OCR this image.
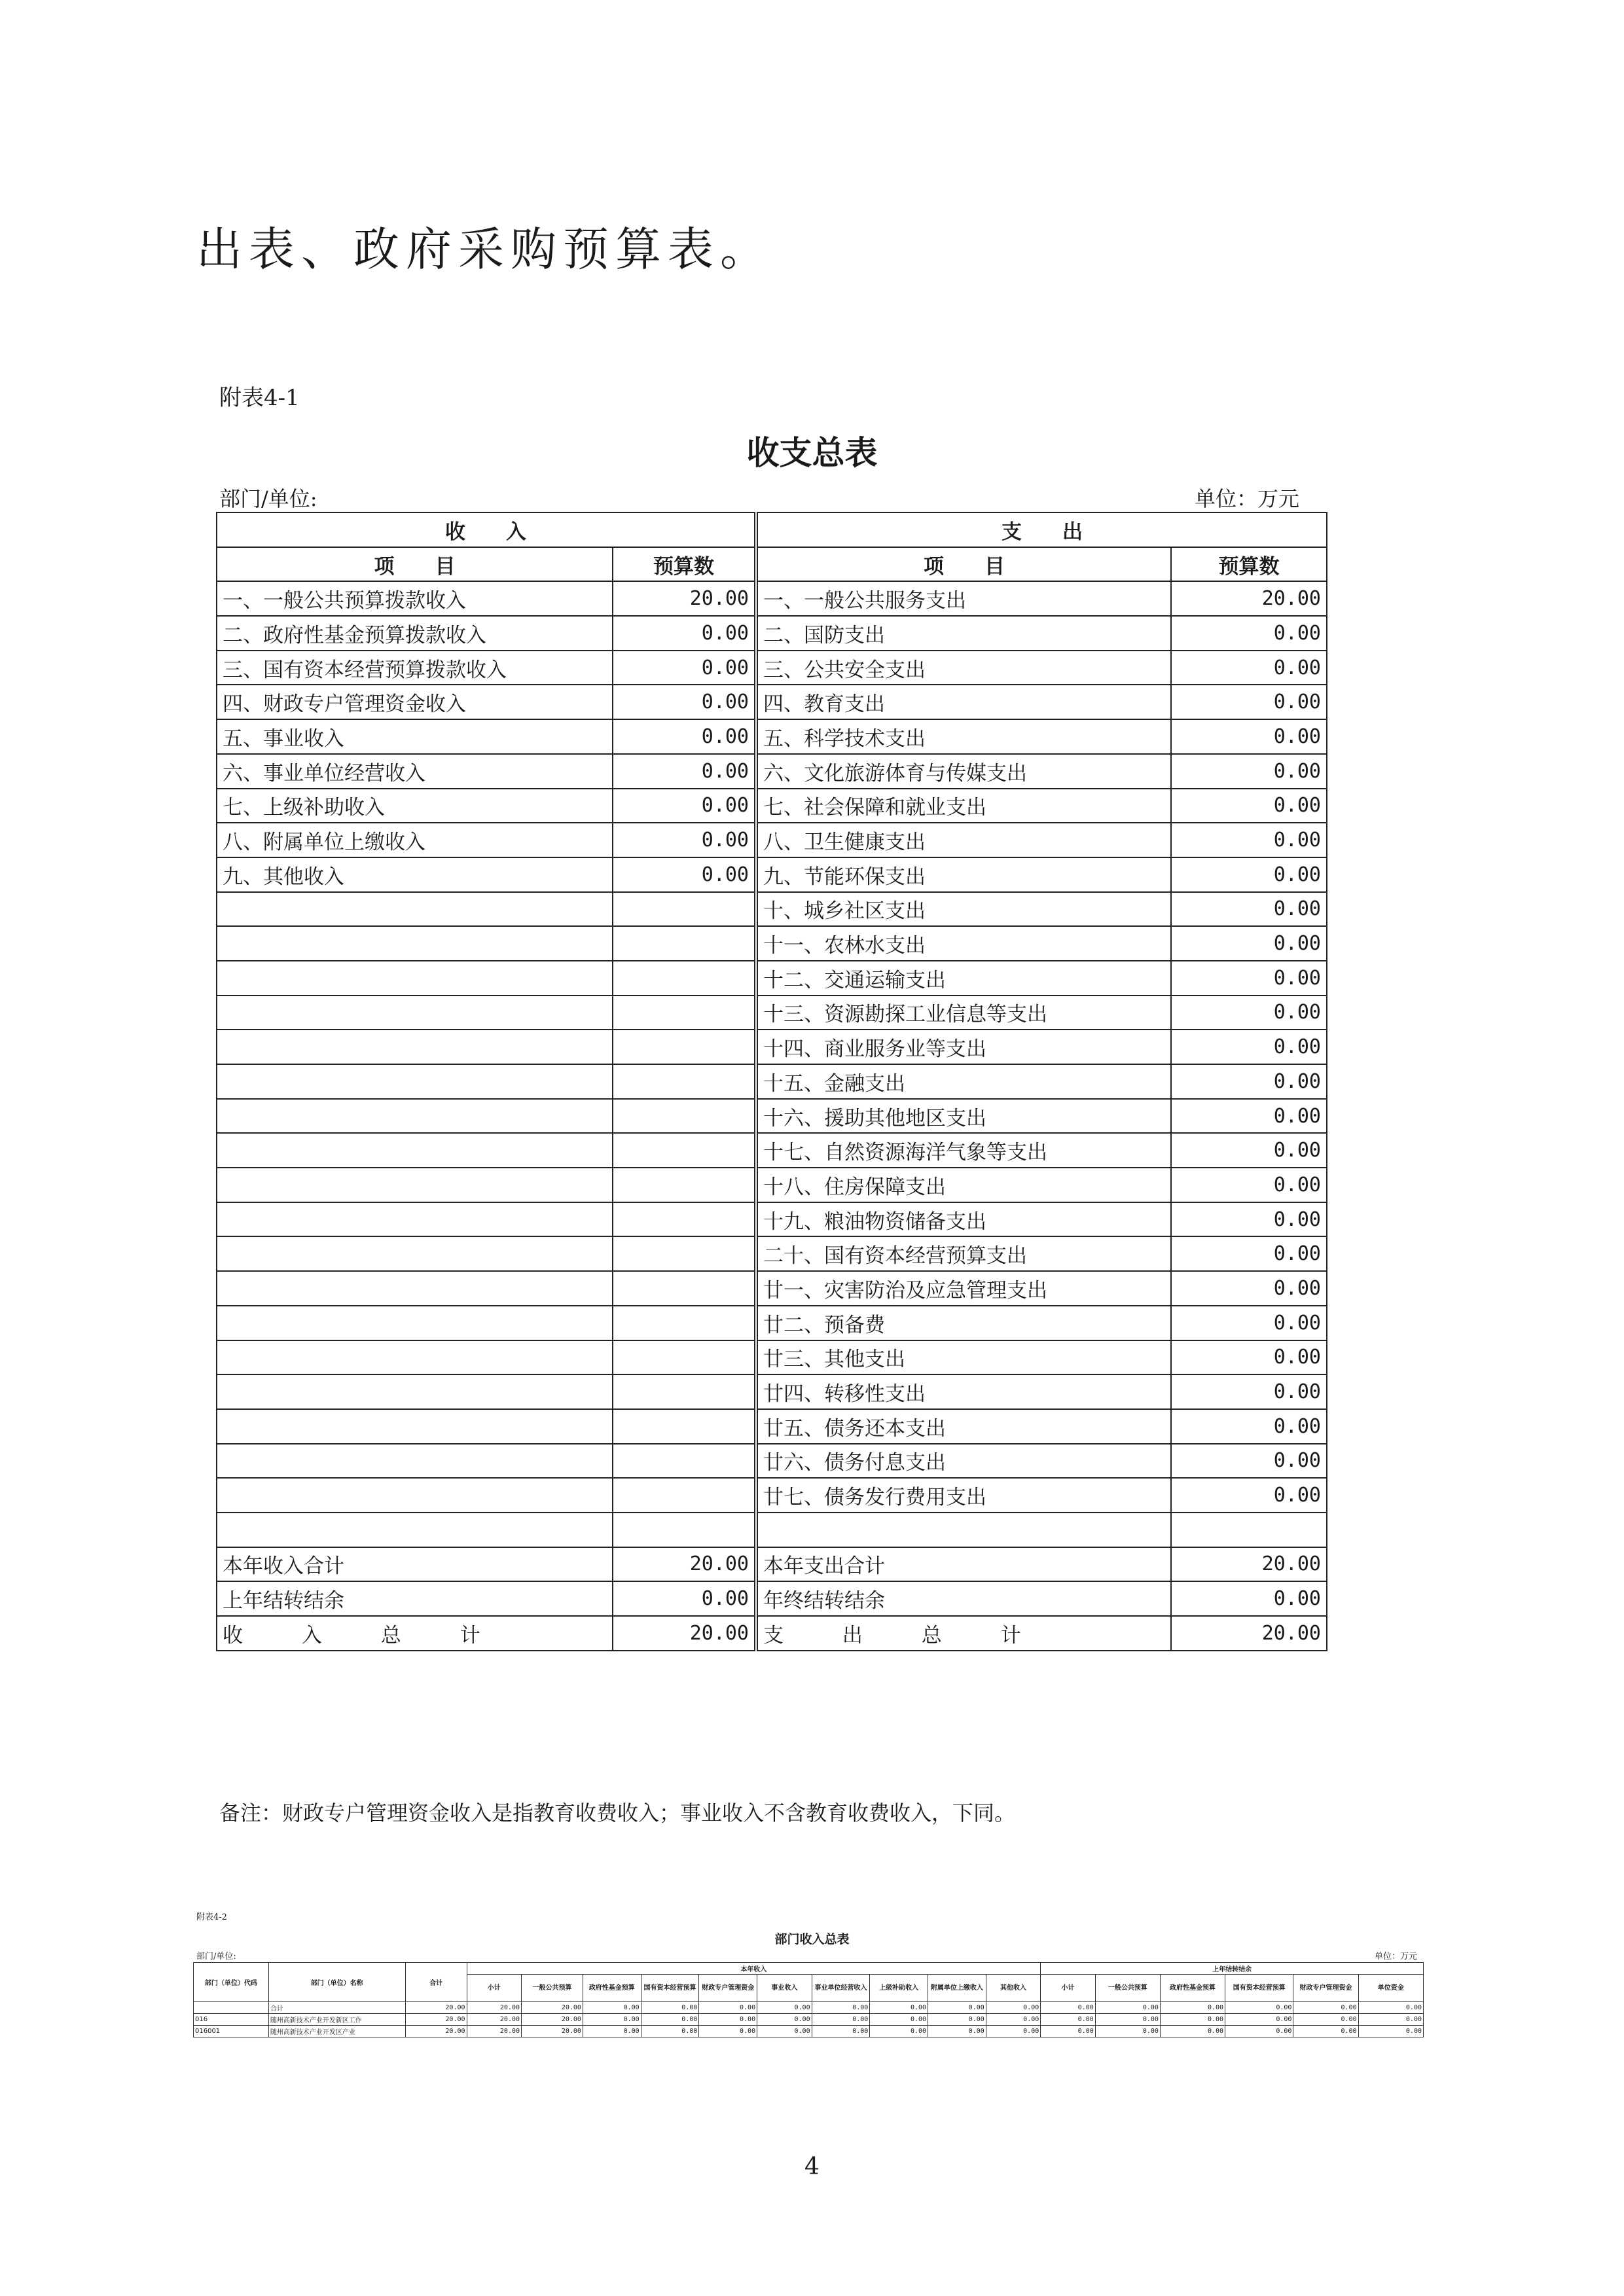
出表、政府采购预算表。
附表4-1
收支总表
部门/单位:	单位：万元
收　　入		支　　出	
项　　目	预算数	项　　目	预算数
一、一般公共预算拨款收入	20.00	一、一般公共服务支出	20.00
二、政府性基金预算拨款收入	0.00	二、国防支出	0.00
三、国有资本经营预算拨款收入	0.00	三、公共安全支出	0.00
四、财政专户管理资金收入	0.00	四、教育支出	0.00
五、事业收入	0.00	五、科学技术支出	0.00
六、事业单位经营收入	0.00	六、文化旅游体育与传媒支出	0.00
七、上级补助收入	0.00	七、社会保障和就业支出	0.00
八、附属单位上缴收入	0.00	八、卫生健康支出	0.00
九、其他收入	0.00	九、节能环保支出	0.00
		十、城乡社区支出	0.00
		十一、农林水支出	0.00
		十二、交通运输支出	0.00
		十三、资源勘探工业信息等支出	0.00
		十四、商业服务业等支出	0.00
		十五、金融支出	0.00
		十六、援助其他地区支出	0.00
		十七、自然资源海洋气象等支出	0.00
		十八、住房保障支出	0.00
		十九、粮油物资储备支出	0.00
		二十、国有资本经营预算支出	0.00
		廿一、灾害防治及应急管理支出	0.00
		廿二、预备费	0.00
		廿三、其他支出	0.00
		廿四、转移性支出	0.00
		廿五、债务还本支出	0.00
		廿六、债务付息支出	0.00
		廿七、债务发行费用支出	0.00

本年收入合计	20.00	本年支出合计	20.00
上年结转结余	0.00	年终结转结余	0.00
收　　入　　总　　计	20.00	支　　出　　总　　计	20.00
备注：财政专户管理资金收入是指教育收费收入；事业收入不含教育收费收入，下同。
附表4-2
部门收入总表
部门/单位:	单位：万元
部门（单位）代码	部门（单位）名称	合计	本年收入										上年结转结余					
			小计	一般公共预算	政府性基金预算	国有资本经营预算	财政专户管理资金	事业收入	事业单位经营收入	上级补助收入	附属单位上缴收入	其他收入	小计	一般公共预算	政府性基金预算	国有资本经营预算	财政专户管理资金	单位资金
	合计	20.00	20.00	20.00	0.00	0.00	0.00	0.00	0.00	0.00	0.00	0.00	0.00	0.00	0.00	0.00	0.00	0.00
016	随州高新技术产业开发新区工作	20.00	20.00	20.00	0.00	0.00	0.00	0.00	0.00	0.00	0.00	0.00	0.00	0.00	0.00	0.00	0.00	0.00
016001	随州高新技术产业开发区产业	20.00	20.00	20.00	0.00	0.00	0.00	0.00	0.00	0.00	0.00	0.00	0.00	0.00	0.00	0.00	0.00	0.00
4
